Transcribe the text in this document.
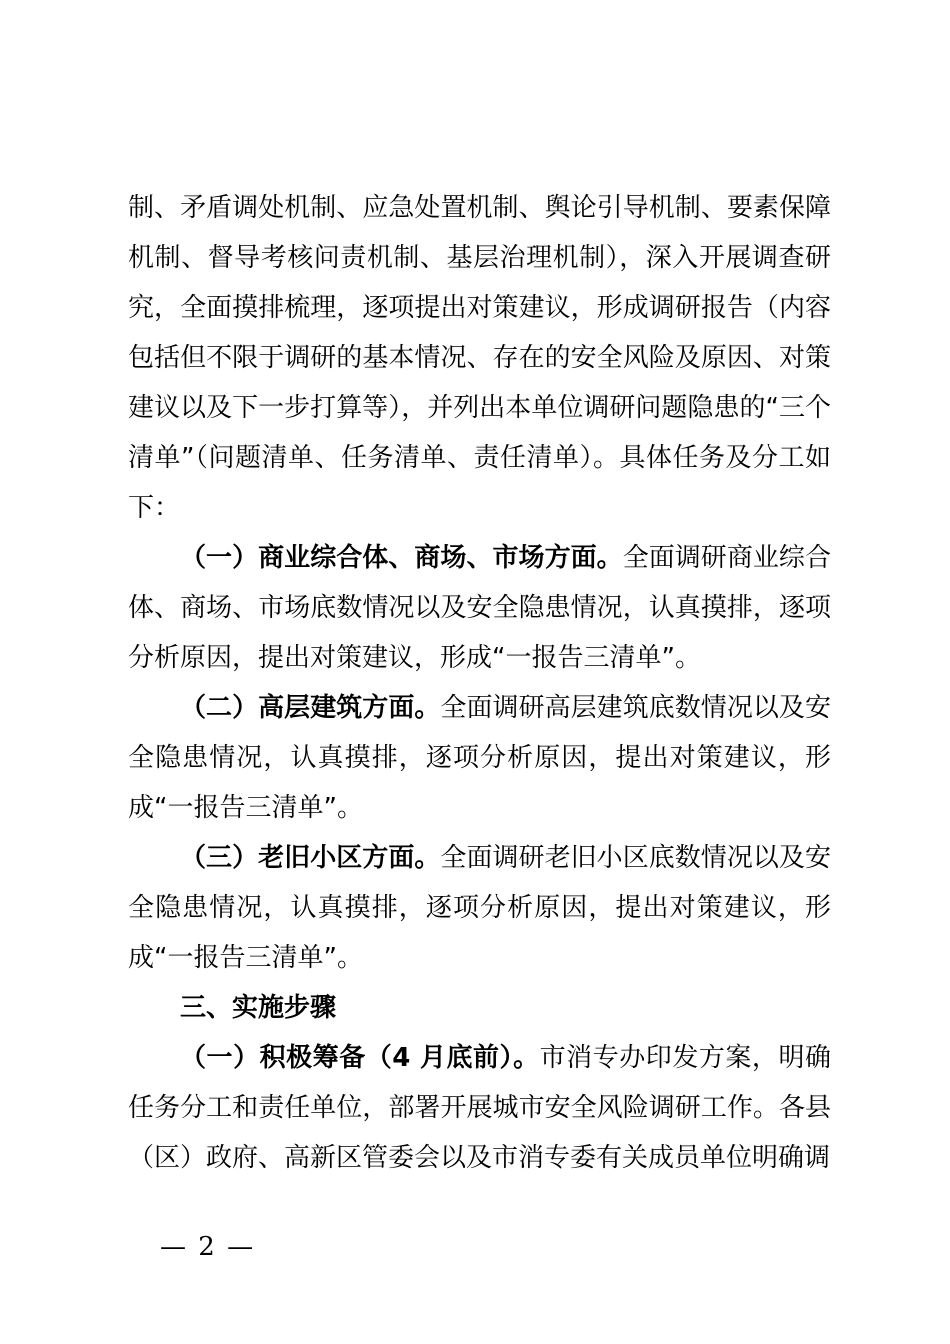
制、矛盾调处机制、应急处置机制、舆论引导机制、要素保障机制、督导考核问责机制、基层治理机制），深入开展调查研究，全面摸排梳理，逐项提出对策建议，形成调研报告（内容包括但不限于调研的基本情况、存在的安全风险及原因、对策建议以及下一步打算等），并列出本单位调研问题隐患的“三个清单”（问题清单、任务清单、责任清单）。具体任务及分工如下：

（一）商业综合体、商场、市场方面。全面调研商业综合体、商场、市场底数情况以及安全隐患情况，认真摸排，逐项分析原因，提出对策建议，形成“一报告三清单”。

（二）高层建筑方面。全面调研高层建筑底数情况以及安全隐患情况，认真摸排，逐项分析原因，提出对策建议，形成“一报告三清单”。

（三）老旧小区方面。全面调研老旧小区底数情况以及安全隐患情况，认真摸排，逐项分析原因，提出对策建议，形成“一报告三清单”。

三、实施步骤

（一）积极筹备（4 月底前）。市消专办印发方案，明确任务分工和责任单位，部署开展城市安全风险调研工作。各县（区）政府、高新区管委会以及市消专委有关成员单位明确调

— 2 —
